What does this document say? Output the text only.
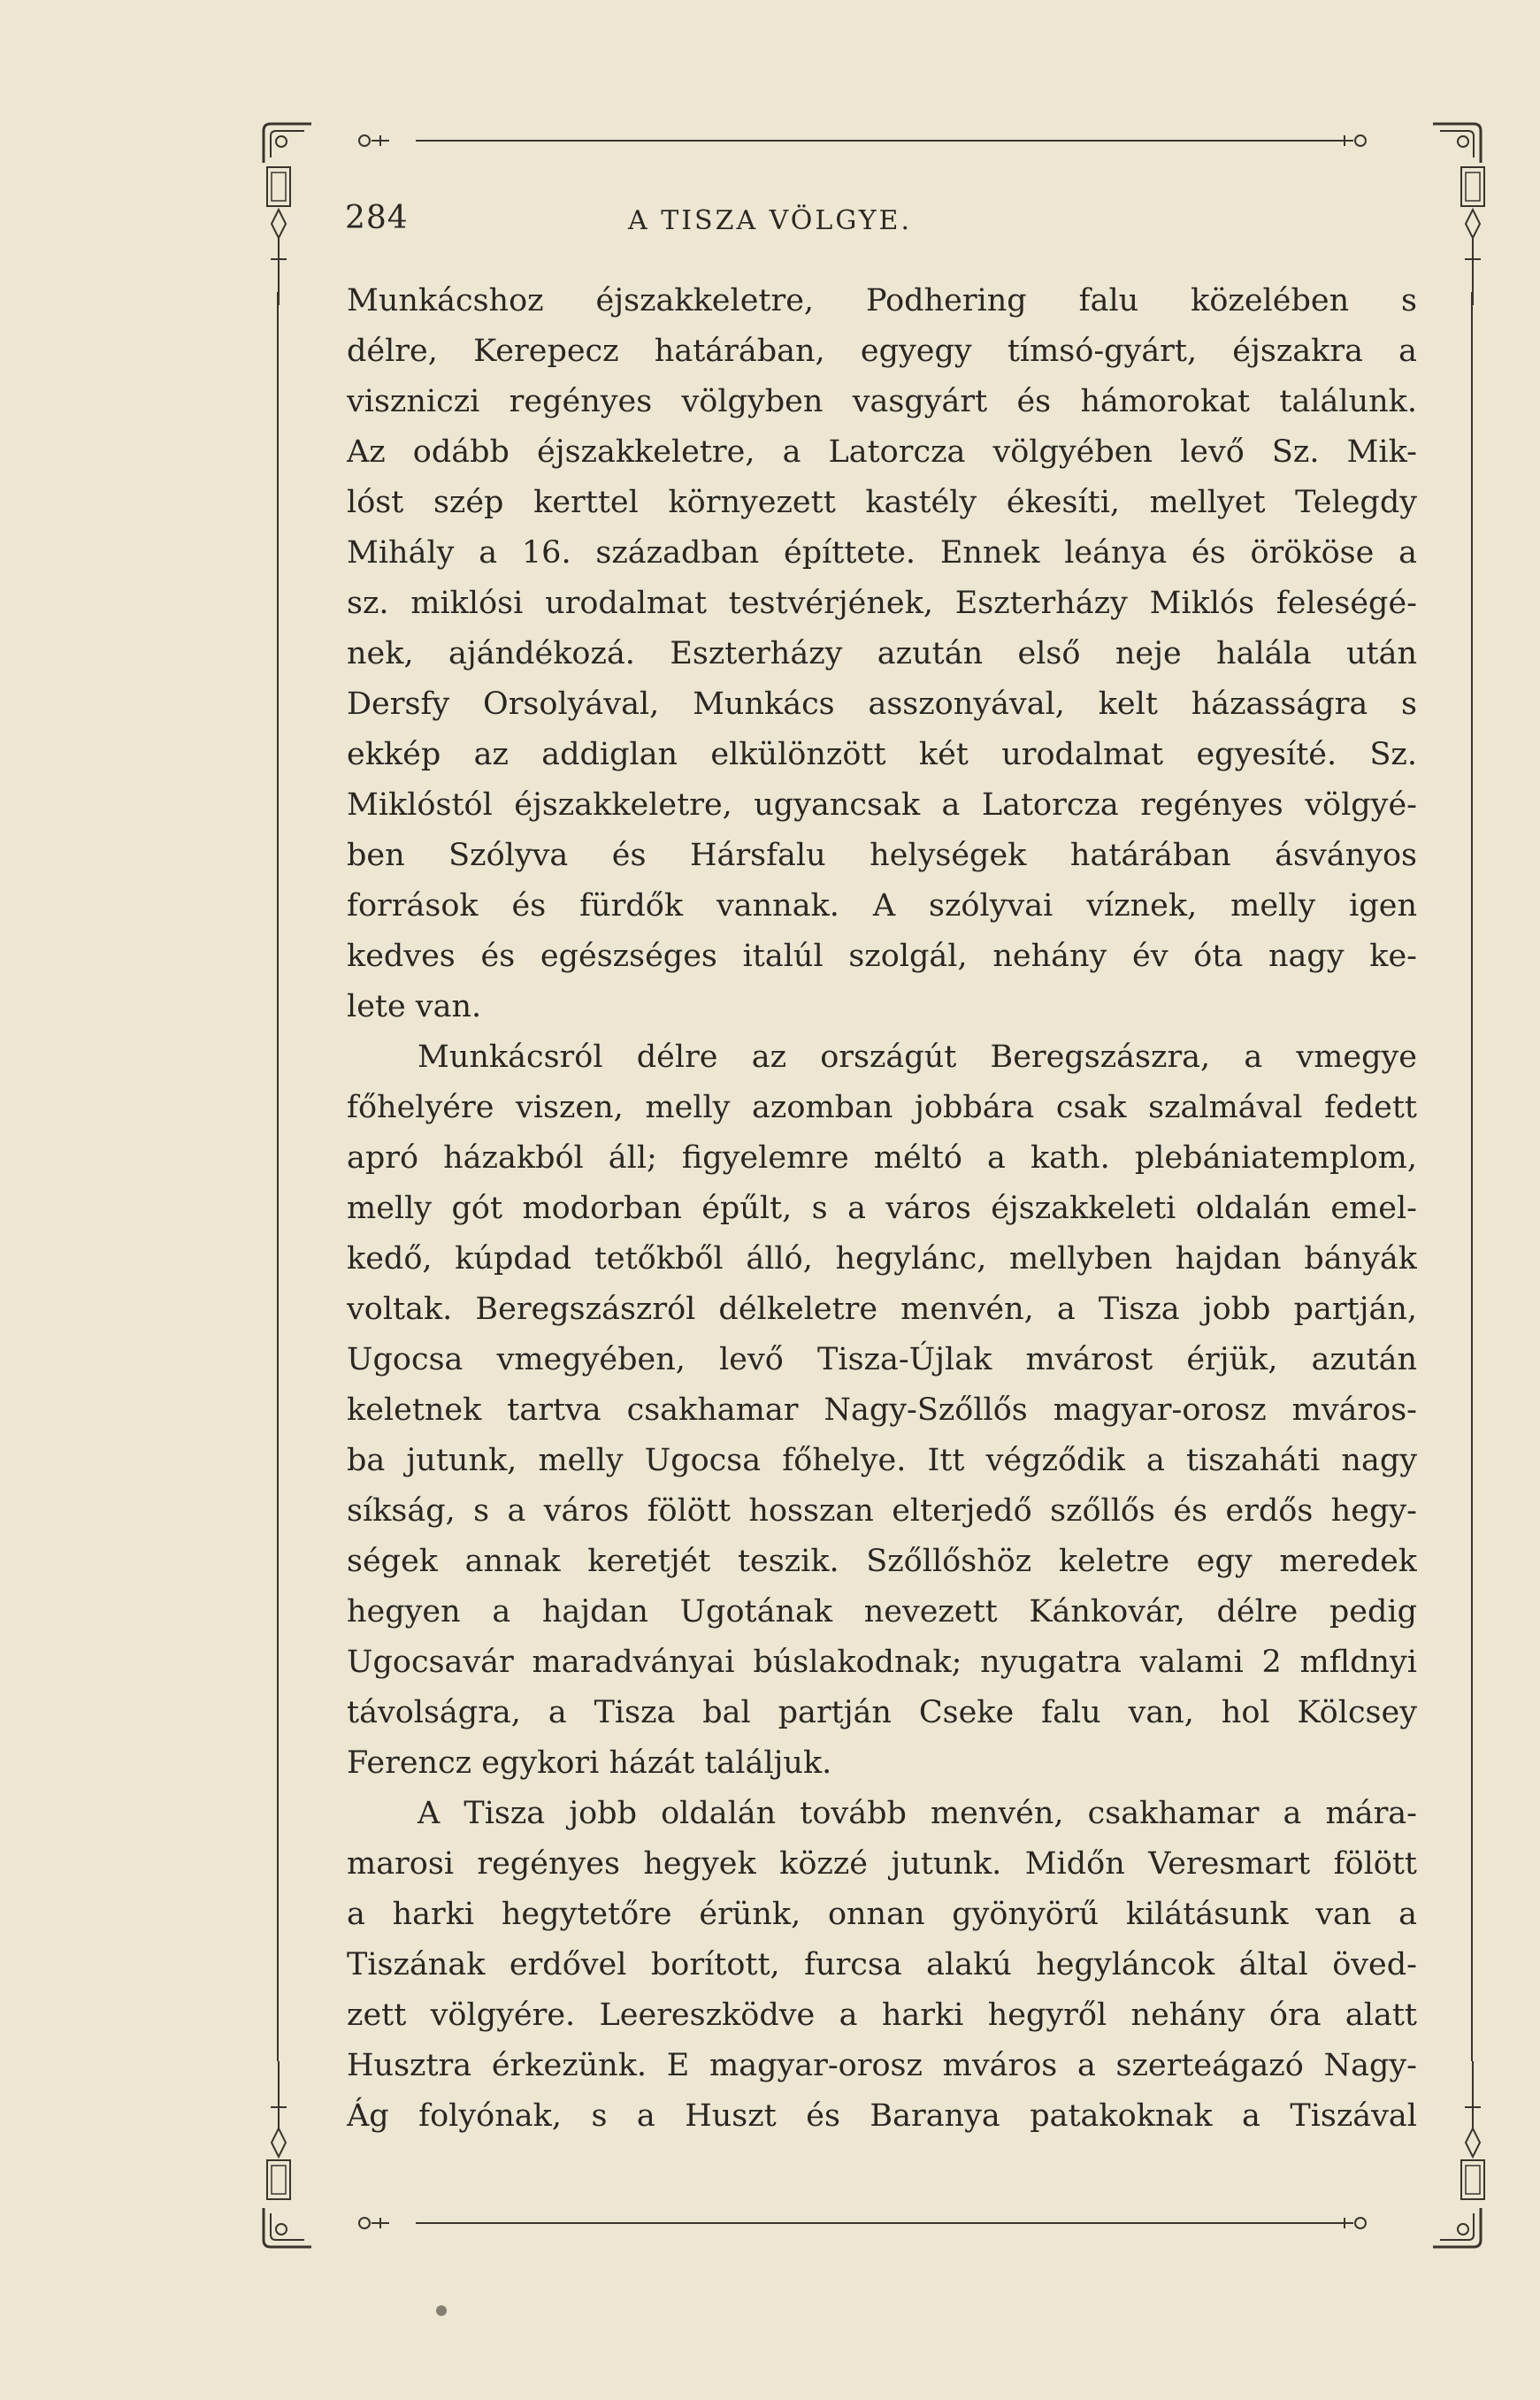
284	A TISZA VÖLGYE.
Munkácshoz éjszakkeletre, Podhering falu közelében s
délre, Kerepecz határában, egyegy tímsó-gyárt, éjszakra a
viszniczi regényes völgyben vasgyárt és hámorokat találunk.
Az odább éjszakkeletre, a Latorcza völgyében levő Sz. Mik-
lóst szép kerttel környezett kastély ékesíti, mellyet Telegdy
Mihály a 16. században építtete. Ennek leánya és örököse a
sz. miklósi urodalmat testvérjének, Eszterházy Miklós feleségé-
nek, ajándékozá. Eszterházy azután első neje halála után
Dersfy Orsolyával, Munkács asszonyával, kelt házasságra s
ekkép az addiglan elkülönzött két urodalmat egyesíté. Sz.
Miklóstól éjszakkeletre, ugyancsak a Latorcza regényes völgyé-
ben Szólyva és Hársfalu helységek határában ásványos
források és fürdők vannak. A szólyvai víznek, melly igen
kedves és egészséges italúl szolgál, nehány év óta nagy ke-
lete van.
Munkácsról délre az országút Beregszászra, a vmegye
főhelyére viszen, melly azomban jobbára csak szalmával fedett
apró házakból áll; figyelemre méltó a kath. plebániatemplom,
melly gót modorban épűlt, s a város éjszakkeleti oldalán emel-
kedő, kúpdad tetőkből álló, hegylánc, mellyben hajdan bányák
voltak. Beregszászról délkeletre menvén, a Tisza jobb partján,
Ugocsa vmegyében, levő Tisza-Újlak mvárost érjük, azután
keletnek tartva csakhamar Nagy-Szőllős magyar-orosz mváros-
ba jutunk, melly Ugocsa főhelye. Itt végződik a tiszaháti nagy
síkság, s a város fölött hosszan elterjedő szőllős és erdős hegy-
ségek annak keretjét teszik. Szőllőshöz keletre egy meredek
hegyen a hajdan Ugotának nevezett Kánkovár, délre pedig
Ugocsavár maradványai búslakodnak; nyugatra valami 2 mfldnyi
távolságra, a Tisza bal partján Cseke falu van, hol Kölcsey
Ferencz egykori házát találjuk.
A Tisza jobb oldalán tovább menvén, csakhamar a mára-
marosi regényes hegyek közzé jutunk. Midőn Veresmart fölött
a harki hegytetőre érünk, onnan gyönyörű kilátásunk van a
Tiszának erdővel borított, furcsa alakú hegyláncok által öved-
zett völgyére. Leereszködve a harki hegyről nehány óra alatt
Husztra érkezünk. E magyar-orosz mváros a szerteágazó Nagy-
Ág folyónak, s a Huszt és Baranya patakoknak a Tiszával
